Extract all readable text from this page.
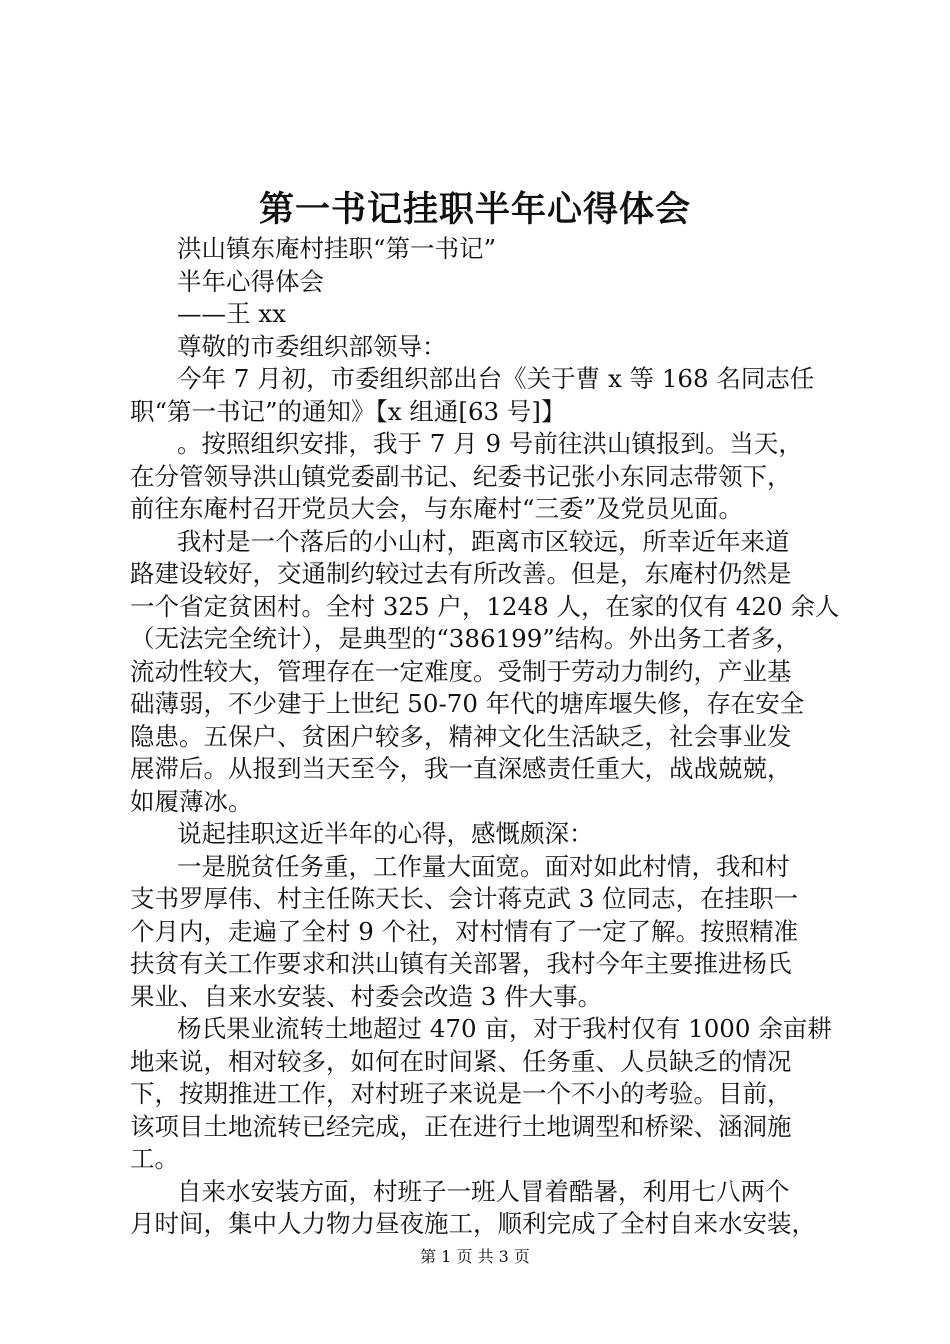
第一书记挂职半年心得体会

洪山镇东庵村挂职“第一书记”

半年心得体会

——王 xx

尊敬的市委组织部领导：

今年 7 月初，市委组织部出台《关于曹 x 等 168 名同志任

职“第一书记”的通知》【x 组通[63 号]】

。按照组织安排，我于 7 月 9 号前往洪山镇报到。当天，

在分管领导洪山镇党委副书记、纪委书记张小东同志带领下，

前往东庵村召开党员大会，与东庵村“三委”及党员见面。

我村是一个落后的小山村，距离市区较远，所幸近年来道

路建设较好，交通制约较过去有所改善。但是，东庵村仍然是

一个省定贫困村。全村 325 户，1248 人，在家的仅有 420 余人

（无法完全统计），是典型的“386199”结构。外出务工者多，

流动性较大，管理存在一定难度。受制于劳动力制约，产业基

础薄弱，不少建于上世纪 50-70 年代的塘库堰失修，存在安全

隐患。五保户、贫困户较多，精神文化生活缺乏，社会事业发

展滞后。从报到当天至今，我一直深感责任重大，战战兢兢，

如履薄冰。

说起挂职这近半年的心得，感慨颇深：

一是脱贫任务重，工作量大面宽。面对如此村情，我和村

支书罗厚伟、村主任陈天长、会计蒋克武 3 位同志，在挂职一

个月内，走遍了全村 9 个社，对村情有了一定了解。按照精准

扶贫有关工作要求和洪山镇有关部署，我村今年主要推进杨氏

果业、自来水安装、村委会改造 3 件大事。

杨氏果业流转土地超过 470 亩，对于我村仅有 1000 余亩耕

地来说，相对较多，如何在时间紧、任务重、人员缺乏的情况

下，按期推进工作，对村班子来说是一个不小的考验。目前，

该项目土地流转已经完成，正在进行土地调型和桥梁、涵洞施

工。

自来水安装方面，村班子一班人冒着酷暑，利用七八两个

月时间，集中人力物力昼夜施工，顺利完成了全村自来水安装，

第 1 页 共 3 页
